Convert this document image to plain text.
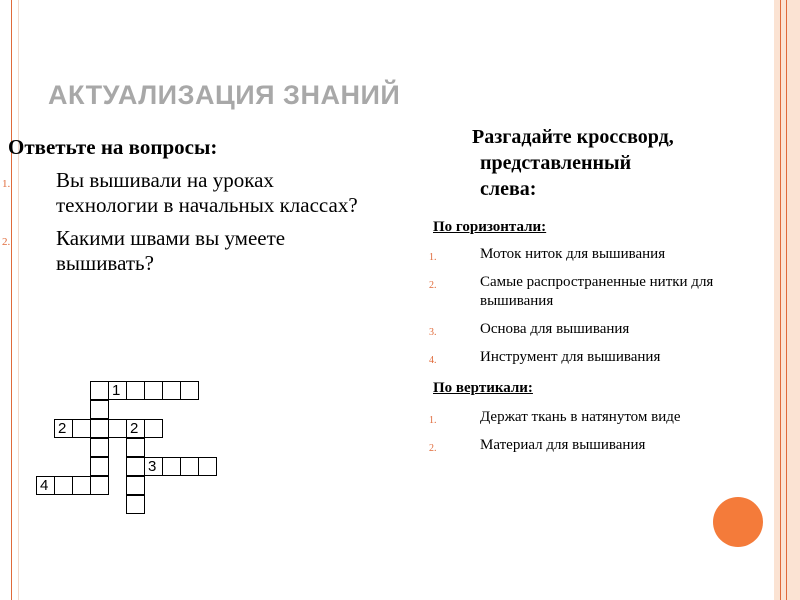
АКТУАЛИЗАЦИЯ ЗНАНИЙ
Ответьте на вопросы:
1. Вы вышивали на уроках технологии в начальных классах?
2. Какими швами вы умеете вышивать?
Разгадайте кроссворд,
представленный
слева:
По горизонтали:
1.	Моток ниток для вышивания
2.	Самые распространенные нитки для вышивания
3.	Основа для вышивания
4.	Инструмент для вышивания
По вертикали:
1.	Держат ткань в натянутом виде
2.	Материал для вышивания
1
2	2
3
4
